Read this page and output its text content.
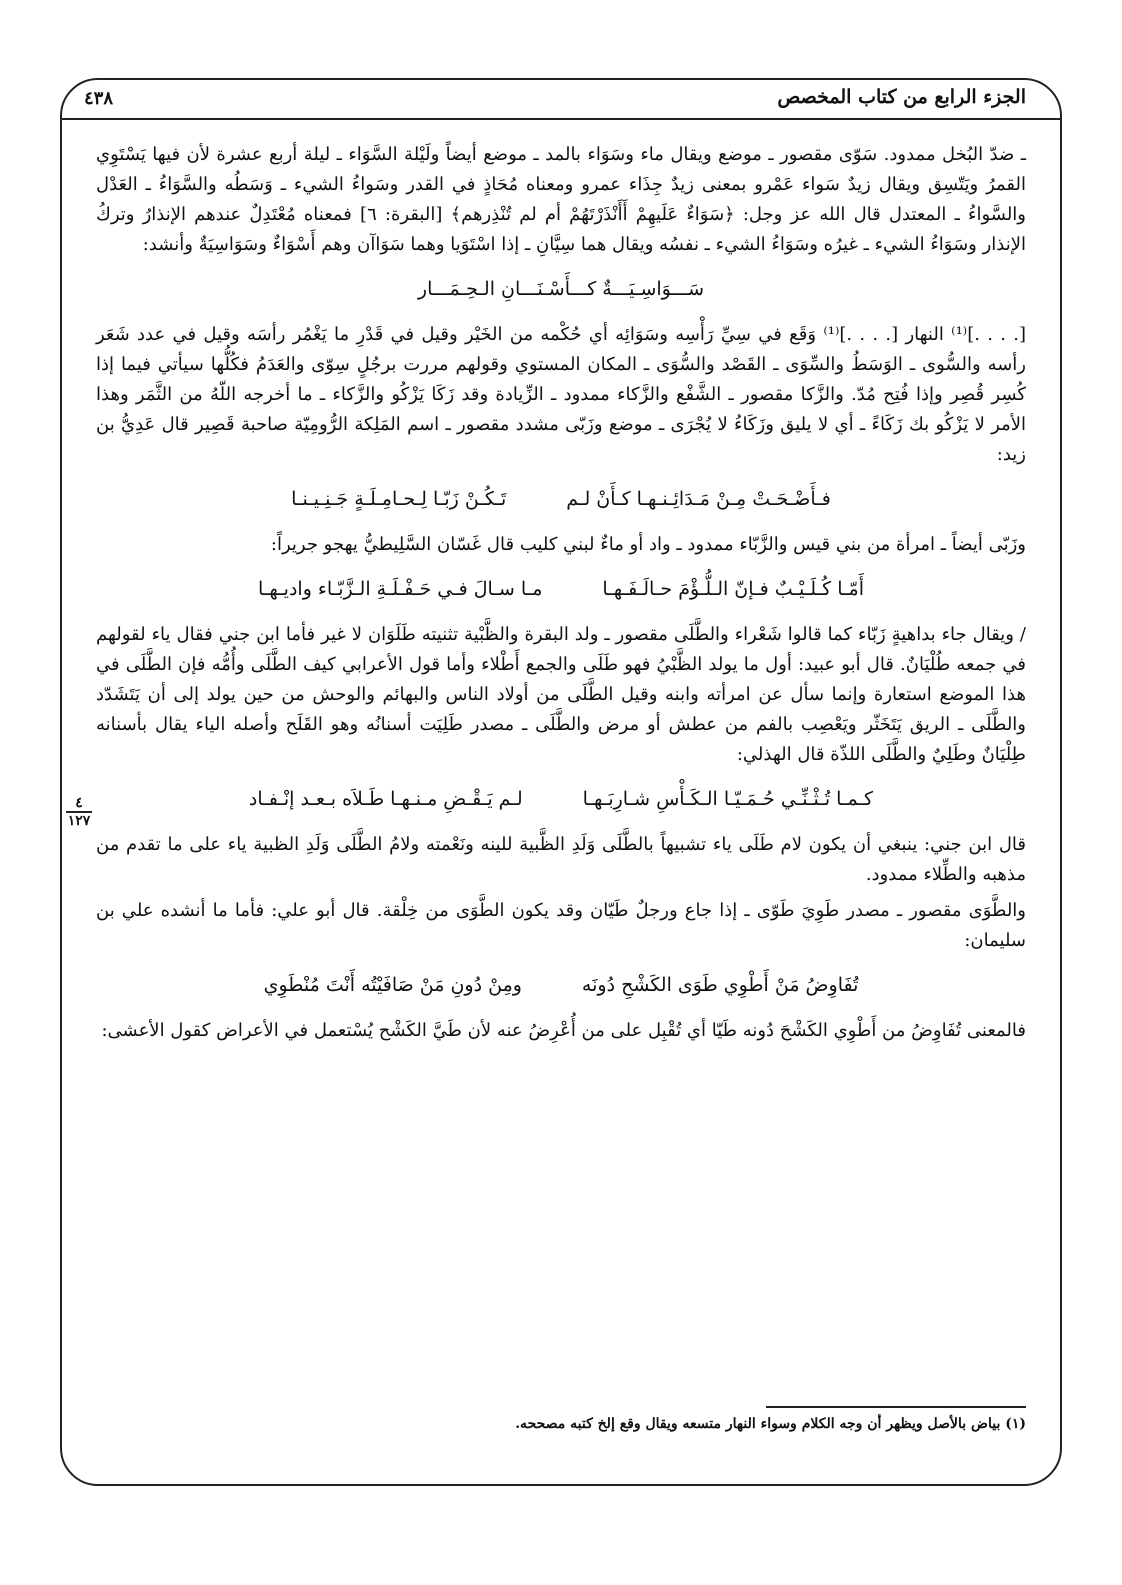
الجزء الرابع من كتاب المخصص
٤٣٨
٤
١٢٧

ـ ضدّ البُخل ممدود. سَوّى مقصور ـ موضع ويقال ماء وسَوَاء بالمد ـ موضع أيضاً ولَيْلة السَّوَاء ـ ليلة أربع عشرة لأن فيها يَسْتَوِي القمرُ ويَتّسِق ويقال زيدٌ سَواء عَمْرو بمعنى زيدٌ جِذَاء عمرو ومعناه مُحَاذٍ في القدر وسَواءُ الشيء ـ وَسَطُه والسَّوَاءُ ـ العَدْل والسَّواءُ ـ المعتدل قال الله عز وجل: ﴿سَوَاءٌ عَلَيهِمْ أَأَنْذَرْتَهُمْ أم لم تُنْذِرهم﴾ [البقرة: ٦] فمعناه مُعْتَدِلٌ عندهم الإنذارُ وتركُ الإنذار وسَوَاءُ الشيء ـ غيرُه وسَوَاءُ الشيء ـ نفسُه ويقال هما سِيَّانِ ـ إذا اسْتَوَيا وهما سَوَاآن وهم أَسْوَاءٌ وسَوَاسِيَةٌ وأنشد:

سَـــوَاسِـيَـــةٌ كـــأَسْـنَـــانِ الـحِـمَـــار

[. . . .]⁽¹⁾ النهار [. . . .]⁽¹⁾ وَقَع في سِيِّ رَأْسِه وسَوَائِه أي حُكْمه من الخَيْر وقيل في قَدْرِ ما يَغْمُر رأسَه وقيل في عدد شَعَر رأسه والسُّوى ـ الوَسَطُ والسِّوَى ـ القَصْد والسُّوَى ـ المكان المستوي وقولهم مررت برجُلٍ سِوّى والعَدَمُ فكُلُّها سيأتي فيما إذا كُسِر قُصِر وإذا فُتِح مُدّ. والزَّكا مقصور ـ الشَّفْع والزَّكاء ممدود ـ الزِّيادة وقد زَكَا يَزْكُو والزَّكاء ـ ما أخرجه اللّهُ من الثَّمَر وهذا الأمر لا يَزْكُو بك زَكَاءً ـ أي لا يليق وزَكَاءُ لا يُجْرَى ـ موضع وزَبّى مشدد مقصور ـ اسم المَلِكة الرُّومِيّة صاحبة قَصِير قال عَدِيُّ بن زيد:

فـأَضْـحَـتْ مِـنْ مَـدَائِـنـهـا كـأَنْ لـم
تَـكُـنْ زَبّـا لِـحـامِـلَـةٍ جَـنِـيـنـا

وزَبّى أيضاً ـ امرأة من بني قيس والزَّبّاء ممدود ـ واد أو ماءٌ لبني كليب قال غَسّان السَّلِيطيُّ يهجو جريراً:

أَمّـا كُـلَـيْـبٌ فـإنّ الـلُّـؤْمَ حـالَـفَـهـا
مـا سـالَ فـي حَـفْـلَـةِ الـزَّبّـاء واديـهـا

/ ويقال جاء بداهيةٍ زَبّاء كما قالوا شَعْراء والطَّلَى مقصور ـ ولد البقرة والظَّبْية تثنيته طَلَوَان لا غير فأما ابن جني فقال ياء لقولهم في جمعه طُلْيَانٌ. قال أبو عبيد: أول ما يولد الظَّبْيُ فهو طَلَى والجمع أَطْلاء وأما قول الأعرابي كيف الطَّلَى وأُمُّه فإن الطَّلَى في هذا الموضع استعارة وإنما سأل عن امرأته وابنه وقيل الطَّلَى من أولاد الناس والبهائم والوحش من حين يولد إلى أن يَتَشَدّد والطَّلَى ـ الريق يَتَخَثّر ويَعْصِب بالفم من عطش أو مرض والطَّلَى ـ مصدر طَلِيَت أسنانُه وهو القَلَح وأصله الياء يقال بأسنانه طِلْيَانٌ وطَلِيٌ والطَّلَى اللذّة قال الهذلي:

كـمـا تُـثْـنِّـي حُـمَـيّـا الـكَـأْسِ شـارِبَـهـا
لـم يَـقْـضِ مـنـهـا طَـلاَه بـعـد إنْـفـاد

قال ابن جني: ينبغي أن يكون لام طَلَى ياء تشبيهاً بالطَّلَى وَلَدِ الظَّبية للينه ونَعْمته ولامُ الطَّلَى وَلَدِ الظبية ياء على ما تقدم من مذهبه والطِّلاء ممدود.

والطَّوَى مقصور ـ مصدر طَوِيَ طَوّى ـ إذا جاع ورجلٌ طَيّان وقد يكون الطَّوَى من خِلْقة. قال أبو علي: فأما ما أنشده علي بن سليمان:

تُفَاوِضُ مَنْ أَطْوِي طَوَى الكَشْحِ دُونَه
ومِنْ دُونِ مَنْ صَافَيْتُه أَنْتَ مُنْطَوِي

فالمعنى تُفَاوِضُ من أَطْوِي الكَشْحَ دُونه طَيّا أي تُقْبِل على من أُعْرِضُ عنه لأن طَيَّ الكَشْح يُسْتعمل في الأعراض كقول الأعشى:

(١) بياض بالأصل ويظهر أن وجه الكلام وسواء النهار متسعه ويقال وقع إلخ كتبه مصححه.
